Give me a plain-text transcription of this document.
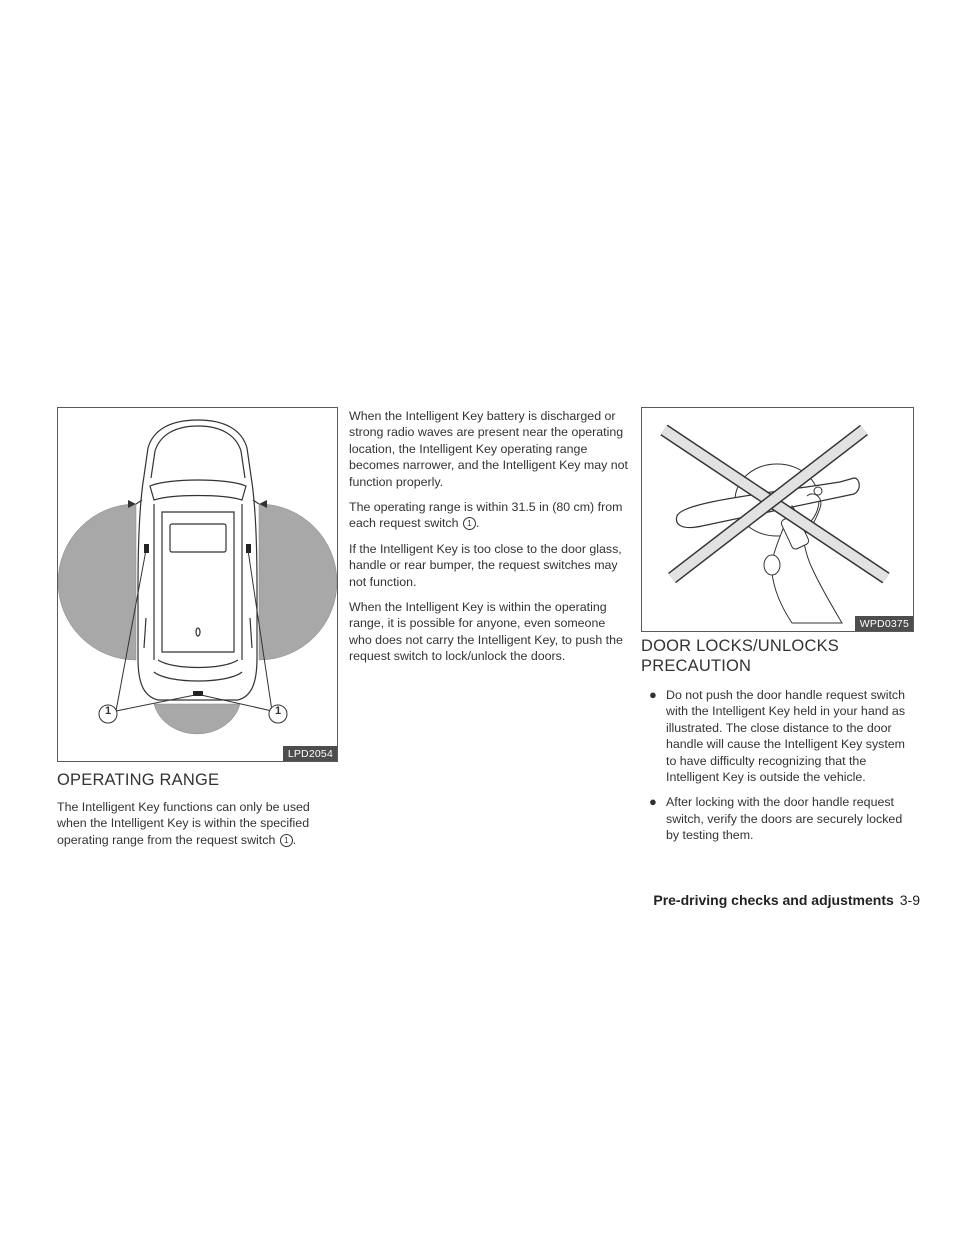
1	1
LPD2054
OPERATING RANGE

The Intelligent Key functions can only be used when the Intelligent Key is within the specified operating range from the request switch 1 .

When the Intelligent Key battery is discharged or strong radio waves are present near the operating location, the Intelligent Key operating range becomes narrower, and the Intelligent Key may not function properly.

The operating range is within 31.5 in (80 cm) from each request switch 1 .

If the Intelligent Key is too close to the door glass, handle or rear bumper, the request switches may not function.

When the Intelligent Key is within the operating range, it is possible for anyone, even someone who does not carry the Intelligent Key, to push the request switch to lock/unlock the doors.

WPD0375
DOOR LOCKS/UNLOCKS
PRECAUTION
● Do not push the door handle request switch with the Intelligent Key held in your hand as illustrated. The close distance to the door handle will cause the Intelligent Key system to have difficulty recognizing that the Intelligent Key is outside the vehicle.
● After locking with the door handle request switch, verify the doors are securely locked by testing them.
Pre-driving checks and adjustments 3-9
